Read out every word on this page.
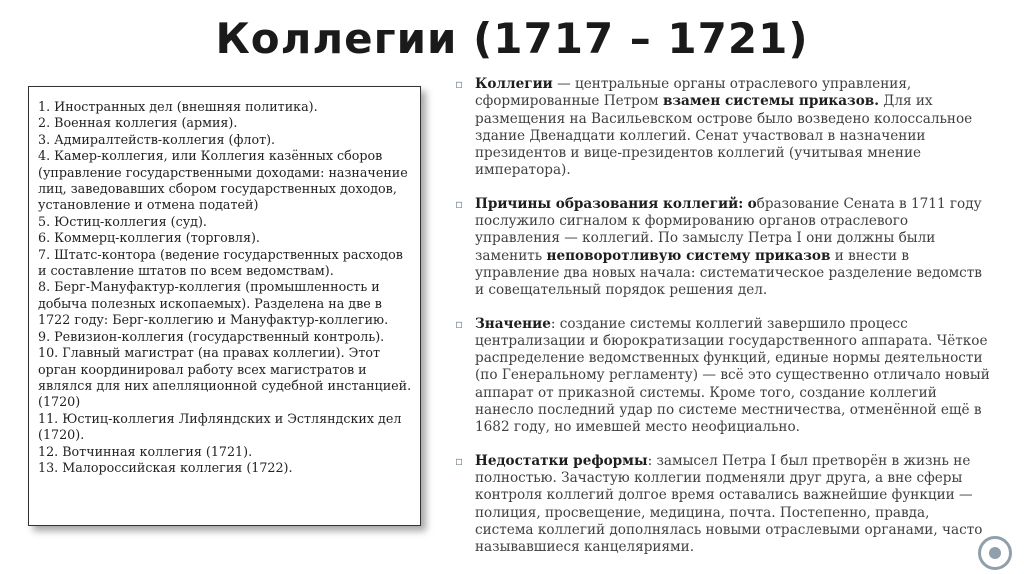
Коллегии (1717 – 1721)
1. Иностранных дел (внешняя политика).
2. Военная коллегия (армия).
3. Адмиралтейств-коллегия (флот).
4. Камер-коллегия, или Коллегия казённых сборов
(управление государственными доходами: назначение
лиц, заведовавших сбором государственных доходов,
установление и отмена податей)
5. Юстиц-коллегия (суд).
6. Коммерц-коллегия (торговля).
7. Штатс-контора (ведение государственных расходов
и составление штатов по всем ведомствам).
8. Берг-Мануфактур-коллегия (промышленность и
добыча полезных ископаемых). Разделена на две в
1722 году: Берг-коллегию и Мануфактур-коллегию.
9. Ревизион-коллегия (государственный контроль).
10. Главный магистрат (на правах коллегии). Этот
орган координировал работу всех магистратов и
являлся для них апелляционной судебной инстанцией.
(1720)
11. Юстиц-коллегия Лифляндских и Эстляндских дел
(1720).
12. Вотчинная коллегия (1721).
13. Малороссийская коллегия (1722).
▫ Коллегии — центральные органы отраслевого управления, сформированные Петром взамен системы приказов. Для их размещения на Васильевском острове было возведено колоссальное здание Двенадцати коллегий. Сенат участвовал в назначении президентов и вице-президентов коллегий (учитывая мнение императора).
▫ Причины образования коллегий: образование Сената в 1711 году послужило сигналом к формированию органов отраслевого управления — коллегий. По замыслу Петра I они должны были заменить неповоротливую систему приказов и внести в управление два новых начала: систематическое разделение ведомств и совещательный порядок решения дел.
▫ Значение: создание системы коллегий завершило процесс централизации и бюрократизации государственного аппарата. Чёткое распределение ведомственных функций, единые нормы деятельности (по Генеральному регламенту) — всё это существенно отличало новый аппарат от приказной системы. Кроме того, создание коллегий нанесло последний удар по системе местничества, отменённой ещё в 1682 году, но имевшей место неофициально.
▫ Недостатки реформы: замысел Петра I был претворён в жизнь не полностью. Зачастую коллегии подменяли друг друга, а вне сферы контроля коллегий долгое время оставались важнейшие функции — полиция, просвещение, медицина, почта. Постепенно, правда, система коллегий дополнялась новыми отраслевыми органами, часто называвшиеся канцеляриями.
